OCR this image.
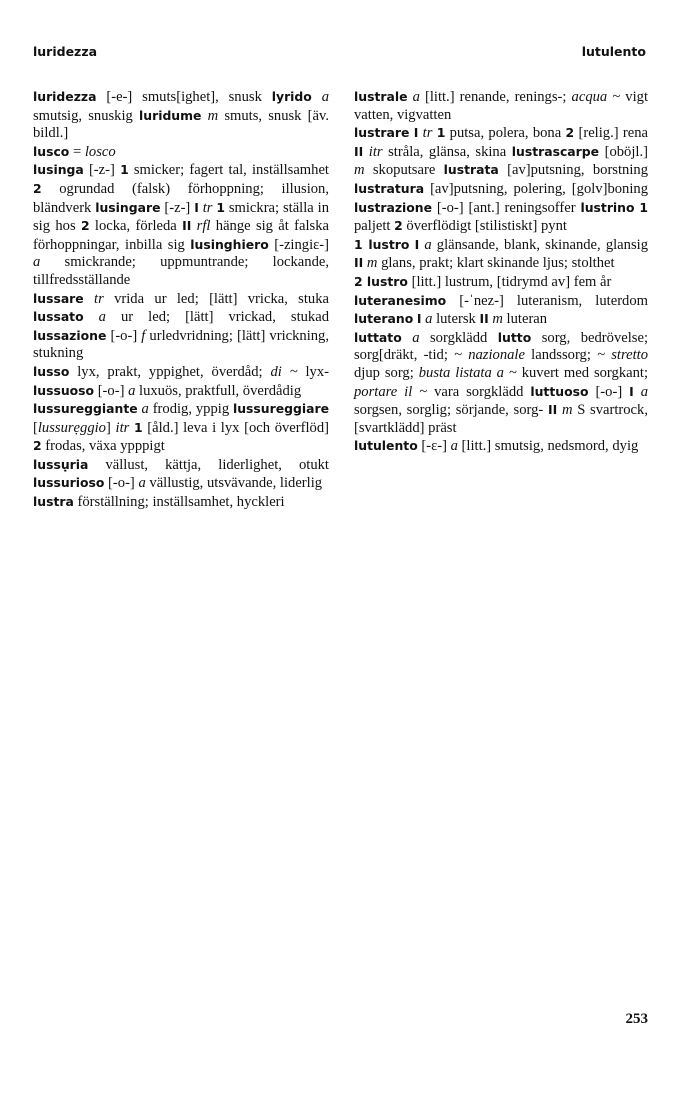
luridezza	lutulento

luridezza [-e-] smuts[ighet], snusk lyrido a smutsig, snuskig luridume m smuts, snusk [äv. bildl.]

lusco = losco

lusinga [-z-] 1 smicker; fagert tal, inställsamhet 2 ogrundad (falsk) förhoppning; illusion, bländverk lusingare [-z-] I tr 1 smickra; ställa in sig hos 2 locka, förleda II rfl hänge sig åt falska förhoppningar, inbilla sig lusinghiero [-zingiɛ-] a smickrande; uppmuntrande; lockande, tillfredsställande

lussare tr vrida ur led; [lätt] vricka, stuka lussato a ur led; [lätt] vrickad, stukad lussazione [-o-] f urledvridning; [lätt] vrickning, stukning

lusso lyx, prakt, yppighet, överdåd; di ~ lyx- lussuoso [-o-] a luxuös, praktfull, överdådig

lussureggiante a frodig, yppig lussureggiare [lussurẹggio] itr 1 [åld.] leva i lyx [och överflöd] 2 frodas, växa ypppigt

lussụria vällust, kättja, liderlighet, otukt lussurioso [-o-] a vällustig, utsvävande, liderlig

lustra förställning; inställsamhet, hyckleri

lustrale a [litt.] renande, renings-; acqua ~ vigt vatten, vigvatten

lustrare I tr 1 putsa, polera, bona 2 [relig.] rena II itr stråla, glänsa, skina lustrascarpe [oböjl.] m skoputsare lustrata [av]putsning, borstning lustratura [av]putsning, polering, [golv]boning lustrazione [-o-] [ant.] reningsoffer lustrino 1 paljett 2 överflödigt [stilistiskt] pynt

1 lustro I a glänsande, blank, skinande, glansig II m glans, prakt; klart skinande ljus; stolthet

2 lustro [litt.] lustrum, [tidrymd av] fem år

luteranesimo [-ˈnez-] luteranism, luterdom luterano I a lutersk II m luteran

luttato a sorgklädd lutto sorg, bedrövelse; sorg[dräkt, -tid; ~ nazionale landssorg; ~ stretto djup sorg; busta listata a ~ kuvert med sorgkant; portare il ~ vara sorgklädd luttuoso [-o-] I a sorgsen, sorglig; sörjande, sorg- II m S svartrock, [svartklädd] präst

lutulento [-ɛ-] a [litt.] smutsig, nedsmord, dyig

253
